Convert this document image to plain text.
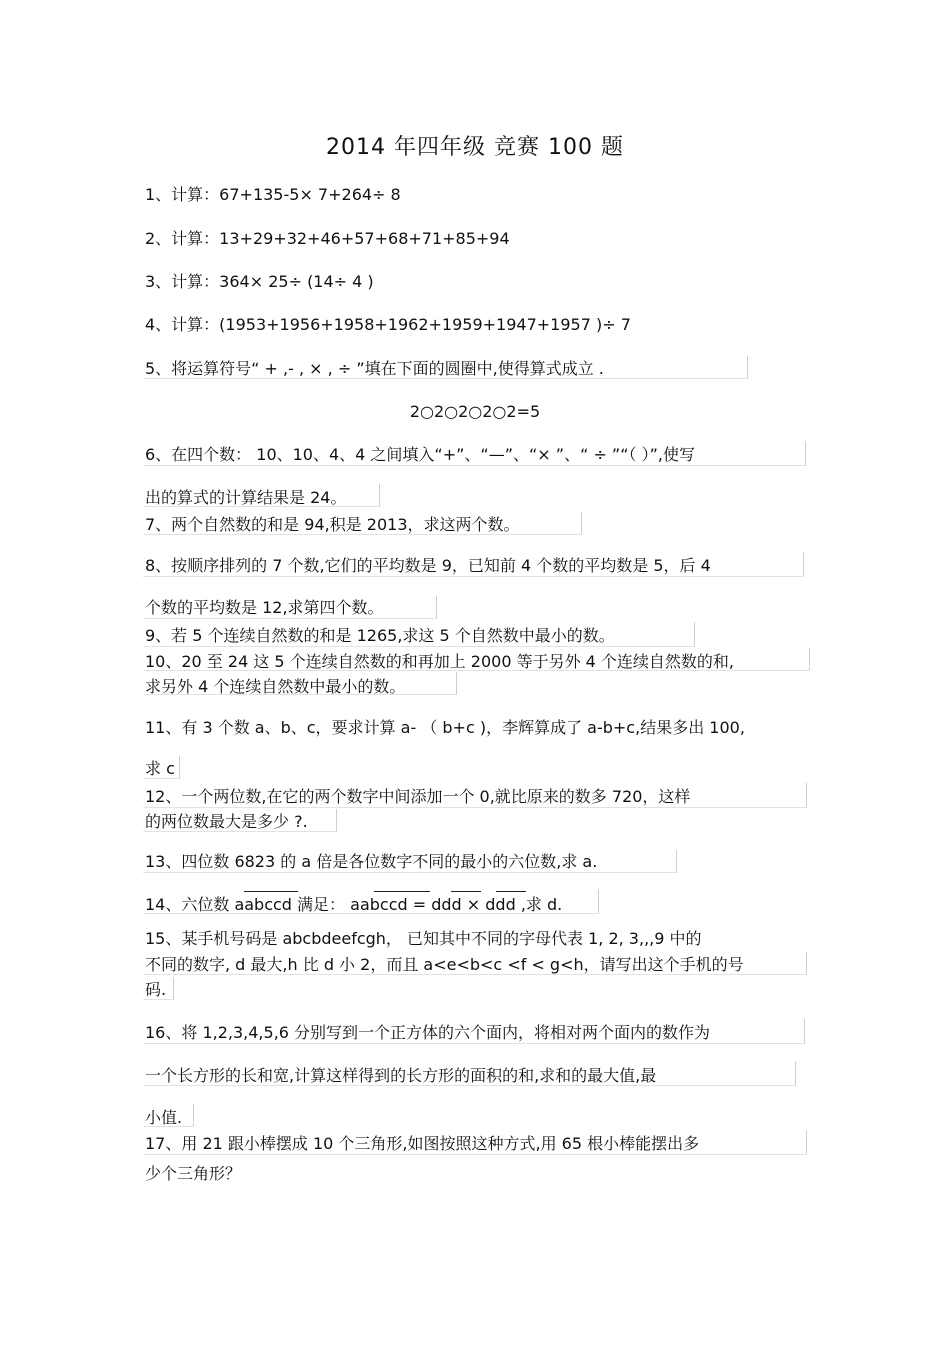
2014 年四年级 竞赛 100 题
1、计算：67+135-5× 7+264÷ 8
2、计算：13+29+32+46+57+68+71+85+94
3、计算：364× 25÷ (14÷ 4 )
4、计算：(1953+1956+1958+1962+1959+1947+1957 )÷ 7
5、将运算符号“ + ,- , × , ÷ ”填在下面的圆圈中,使得算式成立 .
2○2○2○2○2=5
6、在四个数： 10、10、4、4 之间填入“+”、“—”、“× ”、“ ÷ ”“（ ）”,使写
出的算式的计算结果是 24。
7、两个自然数的和是 94,积是 2013，求这两个数。
8、按顺序排列的 7 个数,它们的平均数是 9，已知前 4 个数的平均数是 5，后 4
个数的平均数是 12,求第四个数。
9、若 5 个连续自然数的和是 1265,求这 5 个自然数中最小的数。
10、20 至 24 这 5 个连续自然数的和再加上 2000 等于另外 4 个连续自然数的和,
求另外 4 个连续自然数中最小的数。
11、有 3 个数 a、b、c，要求计算 a- （ b+c )，李辉算成了 a-b+c,结果多出 100,
求 c
12、一个两位数,在它的两个数字中间添加一个 0,就比原来的数多 720，这样
的两位数最大是多少 ?.
13、四位数 6823 的 a 倍是各位数字不同的最小的六位数,求 a.
14、六位数 aabccd 满足： aabccd = ddd × ddd ,求 d.
15、某手机号码是 abcbdeefcgh， 已知其中不同的字母代表 1, 2, 3,,,9 中的
不同的数字, d 最大,h 比 d 小 2，而且 a<e<b<c <f < g<h，请写出这个手机的号
码.
16、将 1,2,3,4,5,6 分别写到一个正方体的六个面内，将相对两个面内的数作为
一个长方形的长和宽,计算这样得到的长方形的面积的和,求和的最大值,最
小值.
17、用 21 跟小棒摆成 10 个三角形,如图按照这种方式,用 65 根小棒能摆出多
少个三角形？
